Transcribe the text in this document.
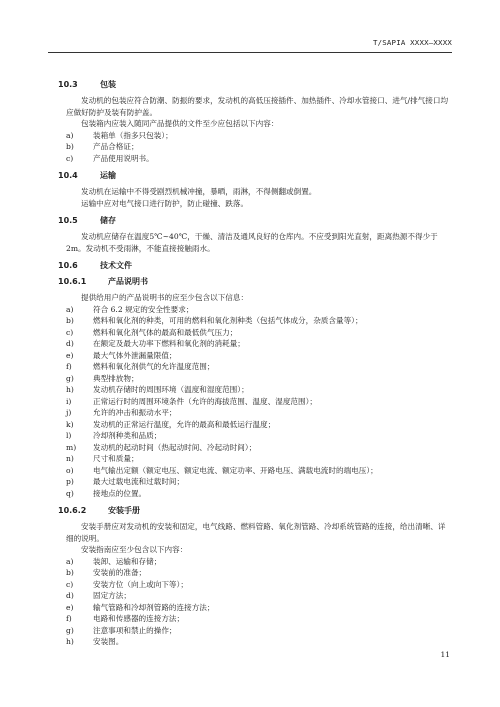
T/SAPIA XXXX—XXXX
10.3	包装

发动机的包装应符合防潮、防振的要求，发动机的高低压接插件、加热插件、冷却水管接口、进气/排气接口均应做好防护及装有防护盖。

包装箱内应装入随同产品提供的文件至少应包括以下内容：

a)	装箱单（指多只包装）；
b)	产品合格证；
c)	产品使用说明书。
10.4	运输

发动机在运输中不得受剧烈机械冲撞，暴晒，雨淋，不得侧翻或倒置。

运输中应对电气接口进行防护，防止碰撞、跌落。

10.5	储存

发动机应储存在温度5℃~40℃，干燥、清洁及通风良好的仓库内。不应受到阳光直射，距离热源不得少于2m。发动机不受雨淋，不能直接接触雨水。

10.6	技术文件
10.6.1	产品说明书

提供给用户的产品说明书的应至少包含以下信息：

a)	符合 6.2 规定的安全性要求；
b)	燃料和氧化剂的种类，可用的燃料和氧化剂种类（包括气体成分，杂质含量等）；
c)	燃料和氧化剂气体的最高和最低供气压力；
d)	在额定及最大功率下燃料和氧化剂的消耗量；
e)	最大气体外泄漏量限值；
f)	燃料和氧化剂供气的允许温度范围；
g)	典型排放物；
h)	发动机存储时的周围环境（温度和湿度范围）；
i)	正常运行时的周围环境条件（允许的海拔范围、温度、湿度范围）；
j)	允许的冲击和振动水平；
k)	发动机的正常运行温度，允许的最高和最低运行温度；
l)	冷却剂种类和品质；
m)	发动机的起动时间（热起动时间、冷起动时间）；
n)	尺寸和质量；
o)	电气输出定额（额定电压、额定电流、额定功率、开路电压、满载电流时的端电压）；
p)	最大过载电流和过载时间；
q)	接地点的位置。
10.6.2	安装手册

安装手册应对发动机的安装和固定，电气线路、燃料管路、氧化剂管路、冷却系统管路的连接，给出清晰、详细的说明。

安装指南应至少包含以下内容：

a)	装卸、运输和存储；
b)	安装前的准备；
c)	安装方位（向上或向下等）；
d)	固定方法；
e)	输气管路和冷却剂管路的连接方法；
f)	电路和传感器的连接方法；
g)	注意事项和禁止的操作；
h)	安装图。
11
